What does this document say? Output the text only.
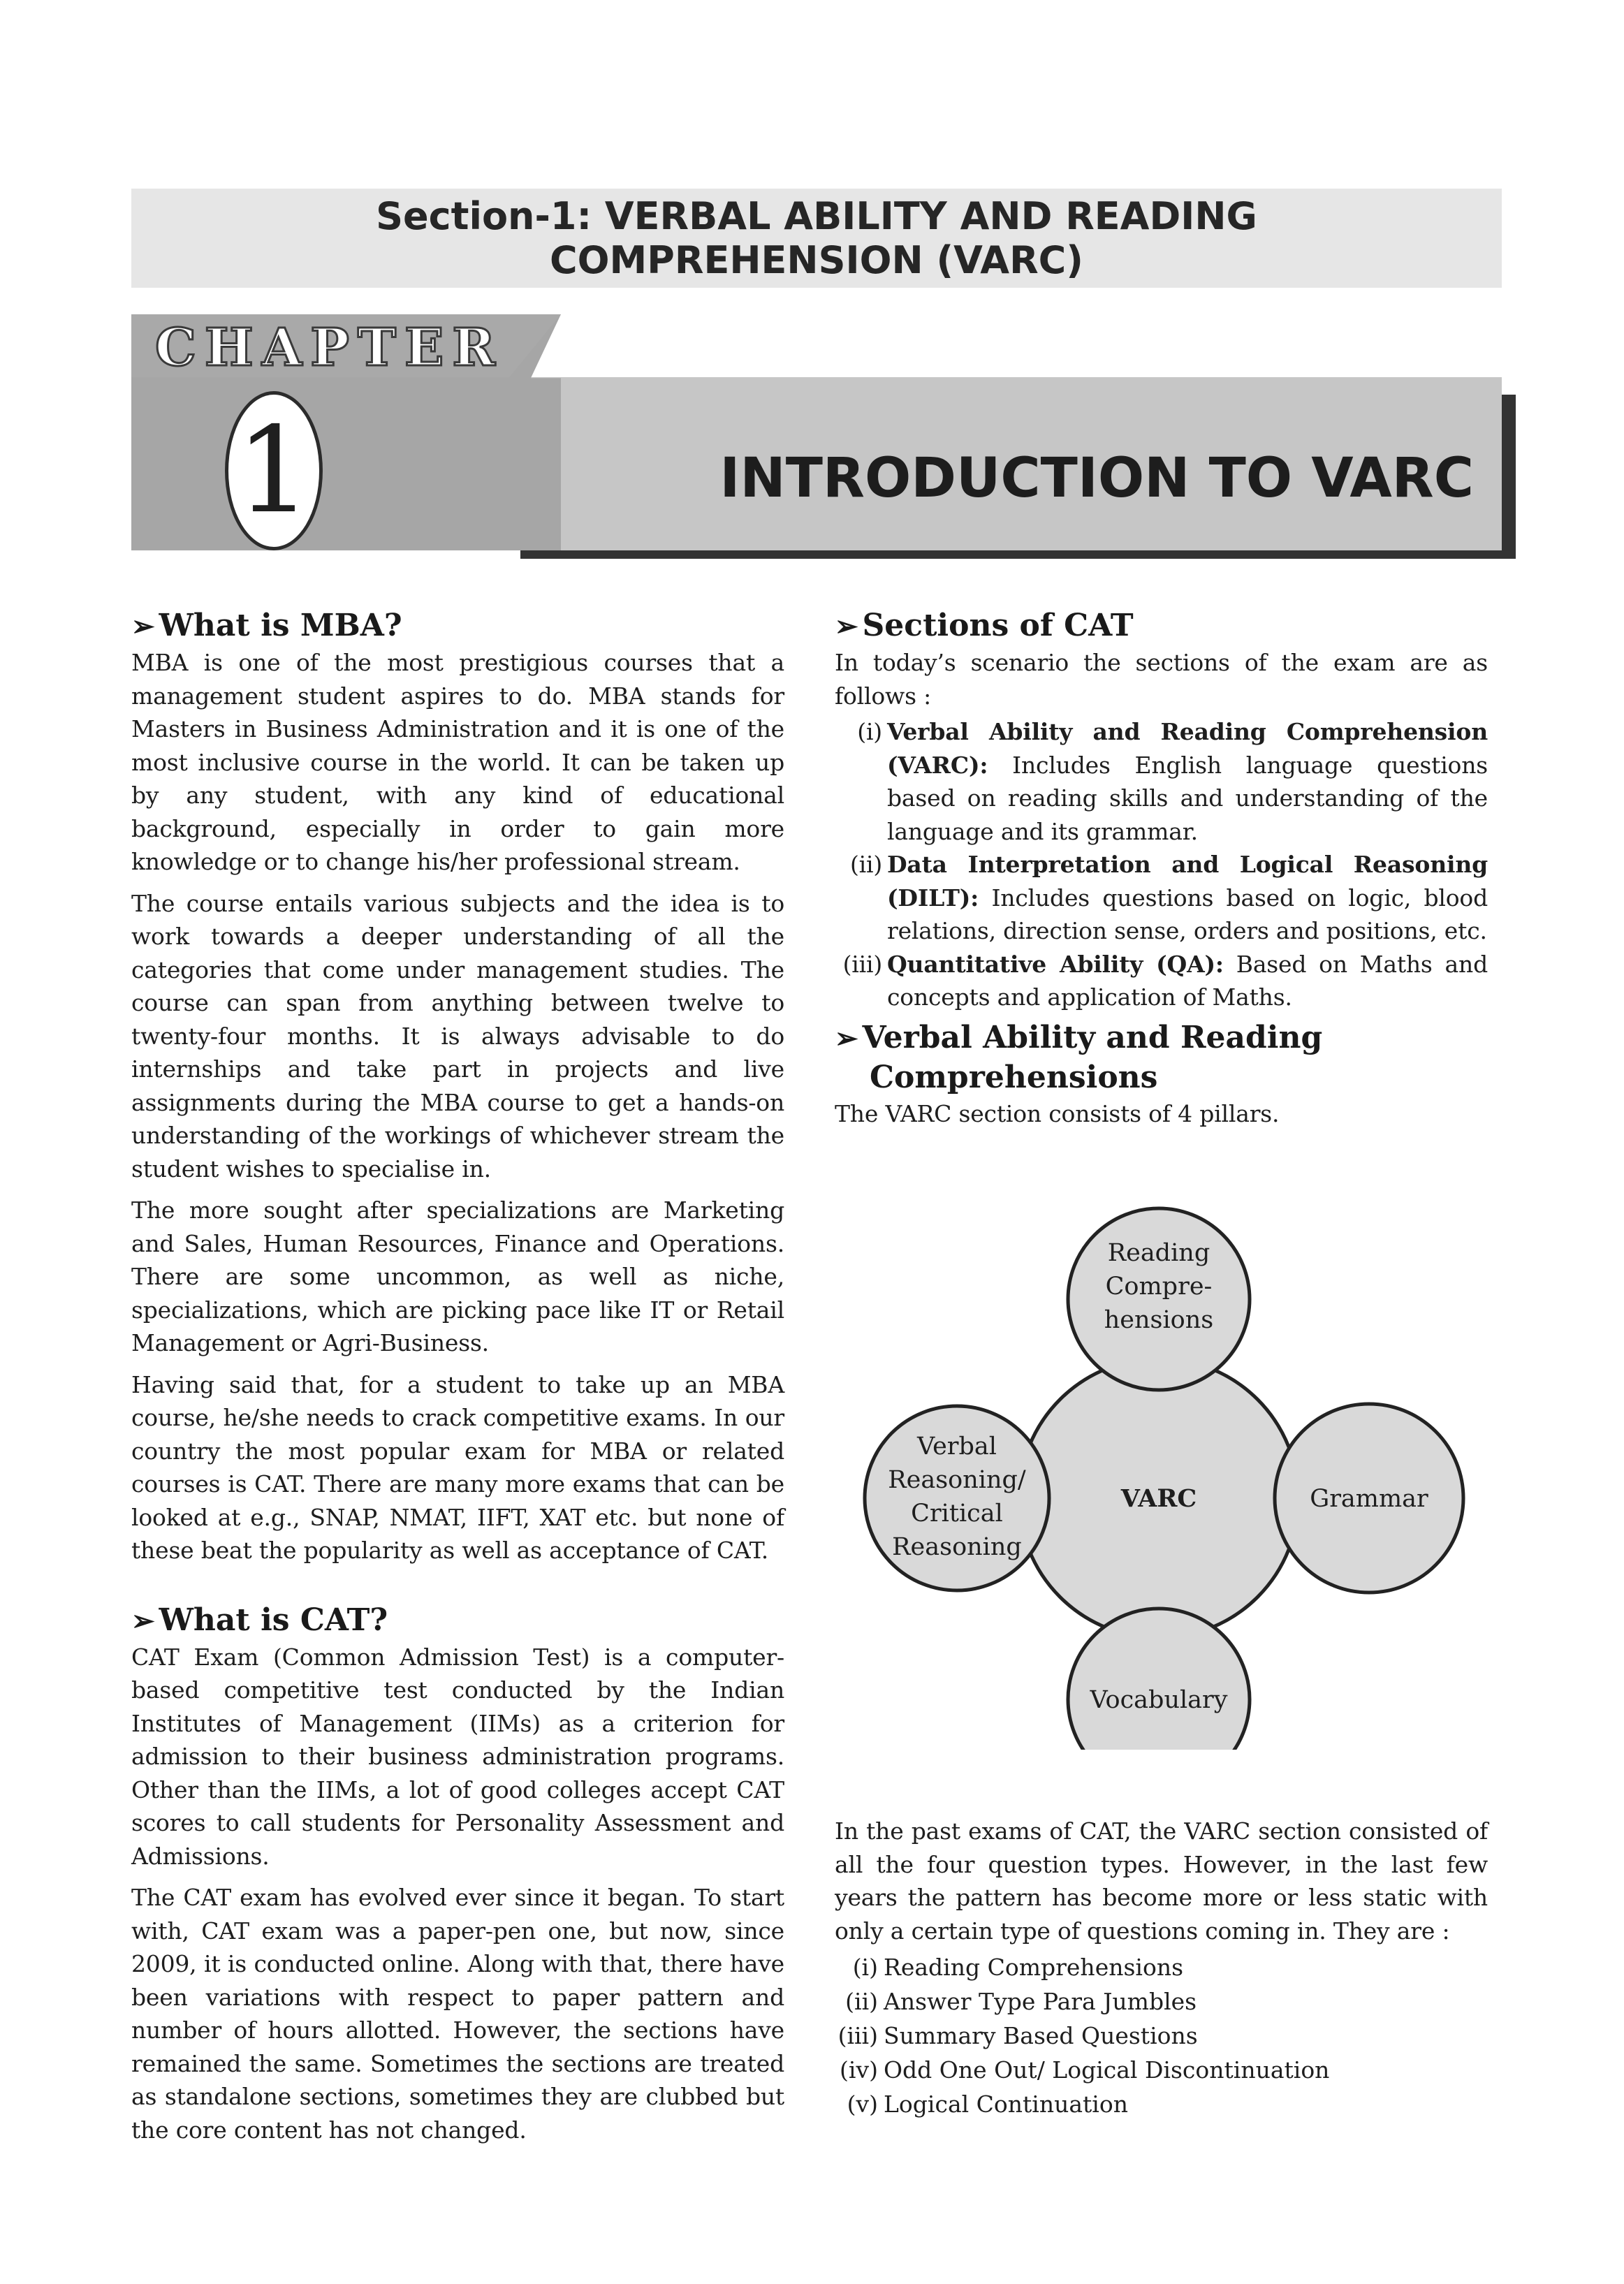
Section-1: VERBAL ABILITY AND READING
COMPREHENSION (VARC)
CHAPTER
1	INTRODUCTION TO VARC
➢ What is MBA?

MBA is one of the most prestigious courses that a management student aspires to do. MBA stands for Masters in Business Administration and it is one of the most inclusive course in the world. It can be taken up by any student, with any kind of educational background, especially in order to gain more knowledge or to change his/her professional stream.

The course entails various subjects and the idea is to work towards a deeper understanding of all the categories that come under management studies. The course can span from anything between twelve to twenty-four months. It is always advisable to do internships and take part in projects and live assignments during the MBA course to get a hands-on understanding of the workings of whichever stream the student wishes to specialise in.

The more sought after specializations are Marketing and Sales, Human Resources, Finance and Operations. There are some uncommon, as well as niche, specializations, which are picking pace like IT or Retail Management or Agri-Business.

Having said that, for a student to take up an MBA course, he/she needs to crack competitive exams. In our country the most popular exam for MBA or related courses is CAT. There are many more exams that can be looked at e.g., SNAP, NMAT, IIFT, XAT etc. but none of these beat the popularity as well as acceptance of CAT.

➢ What is CAT?

CAT Exam (Common Admission Test) is a computer-based competitive test conducted by the Indian Institutes of Management (IIMs) as a criterion for admission to their business administration programs. Other than the IIMs, a lot of good colleges accept CAT scores to call students for Personality Assessment and Admissions.

The CAT exam has evolved ever since it began. To start with, CAT exam was a paper-pen one, but now, since 2009, it is conducted online. Along with that, there have been variations with respect to paper pattern and number of hours allotted. However, the sections have remained the same. Sometimes the sections are treated as standalone sections, sometimes they are clubbed but the core content has not changed.

➢ Sections of CAT

In today’s scenario the sections of the exam are as follows :

(i) Verbal Ability and Reading Comprehension (VARC): Includes English language questions based on reading skills and understanding of the language and its grammar.
(ii) Data Interpretation and Logical Reasoning (DILT): Includes questions based on logic, blood relations, direction sense, orders and positions, etc.
(iii) Quantitative Ability (QA): Based on Maths and concepts and application of Maths.
➢ Verbal Ability and Reading Comprehensions

The VARC section consists of 4 pillars.

VARC
Reading
Compre-
hensions
Verbal
Reasoning/
Critical
Reasoning
Grammar
Vocabulary

In the past exams of CAT, the VARC section consisted of all the four question types. However, in the last few years the pattern has become more or less static with only a certain type of questions coming in. They are :

(i) Reading Comprehensions
(ii) Answer Type Para Jumbles
(iii) Summary Based Questions
(iv) Odd One Out/ Logical Discontinuation
(v) Logical Continuation
